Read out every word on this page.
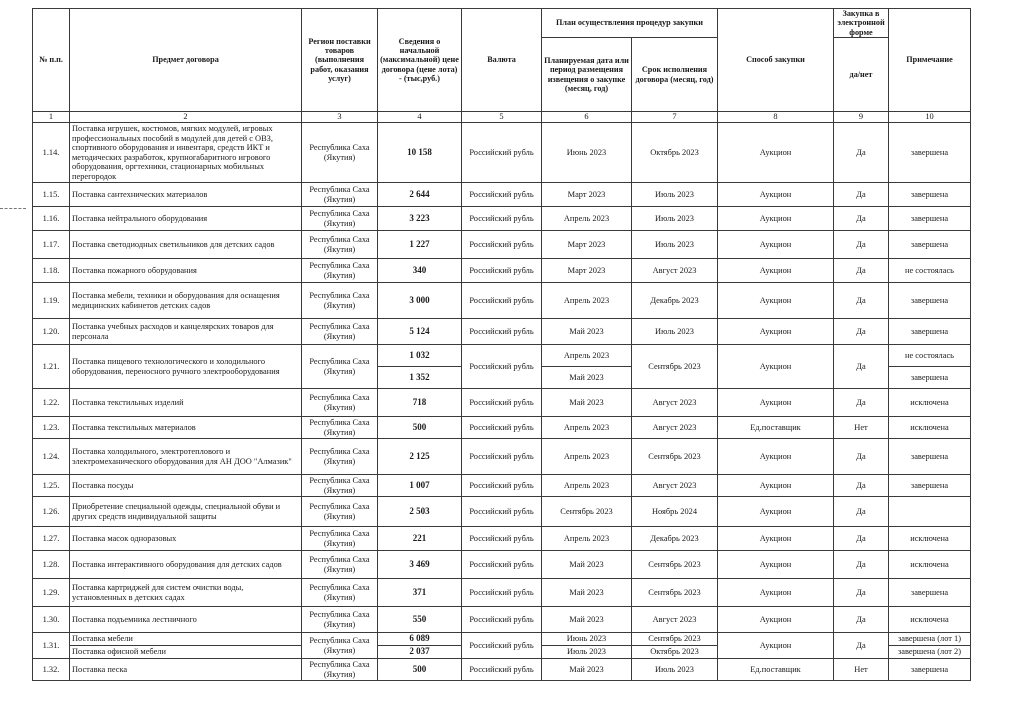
№ п.п.	Предмет договора	Регион поставки товаров (выполнения работ, оказания услуг)	Сведения о начальной (максимальной) цене договора (цене лота) - (тыс,руб.)	Валюта	План осуществления процедур закупки		Способ закупки	Закупка в электронной форме	Примечание
					Планируемая дата или период размещения извещения о закупке (месяц, год)	Срок исполнения договора (месяц, год)		да/нет	
1	2	3	4	5	6	7	8	9	10
1.14.	Поставка игрушек, костюмов, мягких модулей, игровых профессиональных пособий в модулей для детей с ОВЗ, спортивного оборудования и инвентаря, средств ИКТ и методических разработок, крупногабаритного игрового оборудования, оргтехники, стационарных мобильных перегородок	Республика Саха (Якутия)	10 158	Российский рубль	Июнь 2023	Октябрь 2023	Аукцион	Да	завершена
1.15.	Поставка сантехнических материалов	Республика Саха (Якутия)	2 644	Российский рубль	Март 2023	Июль 2023	Аукцион	Да	завершена
1.16.	Поставка нейтрального оборудования	Республика Саха (Якутия)	3 223	Российский рубль	Апрель 2023	Июль 2023	Аукцион	Да	завершена
1.17.	Поставка светодиодных светильников для детских садов	Республика Саха (Якутия)	1 227	Российский рубль	Март 2023	Июль 2023	Аукцион	Да	завершена
1.18.	Поставка пожарного оборудования	Республика Саха (Якутия)	340	Российский рубль	Март 2023	Август 2023	Аукцион	Да	не состоялась
1.19.	Поставка мебели, техники и оборудования для оснащения медицинских кабинетов детских садов	Республика Саха (Якутия)	3 000	Российский рубль	Апрель 2023	Декабрь 2023	Аукцион	Да	завершена
1.20.	Поставка учебных расходов и канцелярских товаров для персонала	Республика Саха (Якутия)	5 124	Российский рубль	Май 2023	Июль 2023	Аукцион	Да	завершена
1.21.	Поставка пищевого технологического и холодильного оборудования, переносного ручного электрооборудования	Республика Саха (Якутия)	1 032	Российский рубль	Апрель 2023	Сентябрь 2023	Аукцион	Да	не состоялась
			1 352		Май 2023				завершена
1.22.	Поставка текстильных изделий	Республика Саха (Якутия)	718	Российский рубль	Май 2023	Август 2023	Аукцион	Да	исключена
1.23.	Поставка текстильных материалов	Республика Саха (Якутия)	500	Российский рубль	Апрель 2023	Август 2023	Ед.поставщик	Нет	исключена
1.24.	Поставка холодильного, электротеплового и электромеханического оборудования для АН ДОО "Алмазик"	Республика Саха (Якутия)	2 125	Российский рубль	Апрель 2023	Сентябрь 2023	Аукцион	Да	завершена
1.25.	Поставка посуды	Республика Саха (Якутия)	1 007	Российский рубль	Апрель 2023	Август 2023	Аукцион	Да	завершена
1.26.	Приобретение специальной одежды, специальной обуви и других средств индивидуальной защиты	Республика Саха (Якутия)	2 503	Российский рубль	Сентябрь 2023	Ноябрь 2024	Аукцион	Да	
1.27.	Поставка масок одноразовых	Республика Саха (Якутия)	221	Российский рубль	Апрель 2023	Декабрь 2023	Аукцион	Да	исключена
1.28.	Поставка интерактивного оборудования для детских садов	Республика Саха (Якутия)	3 469	Российский рубль	Май 2023	Сентябрь 2023	Аукцион	Да	исключена
1.29.	Поставка картриджей для систем очистки воды, установленных в детских садах	Республика Саха (Якутия)	371	Российский рубль	Май 2023	Сентябрь 2023	Аукцион	Да	завершена
1.30.	Поставка подъемника лестничного	Республика Саха (Якутия)	550	Российский рубль	Май 2023	Август 2023	Аукцион	Да	исключена
1.31.	Поставка мебели	Республика Саха (Якутия)	6 089	Российский рубль	Июнь 2023	Сентябрь 2023	Аукцион	Да	завершена (лот 1)
	Поставка офисной мебели		2 037		Июль 2023	Октябрь 2023			завершена (лот 2)
1.32.	Поставка песка	Республика Саха (Якутия)	500	Российский рубль	Май 2023	Июль 2023	Ед.поставщик	Нет	завершена
